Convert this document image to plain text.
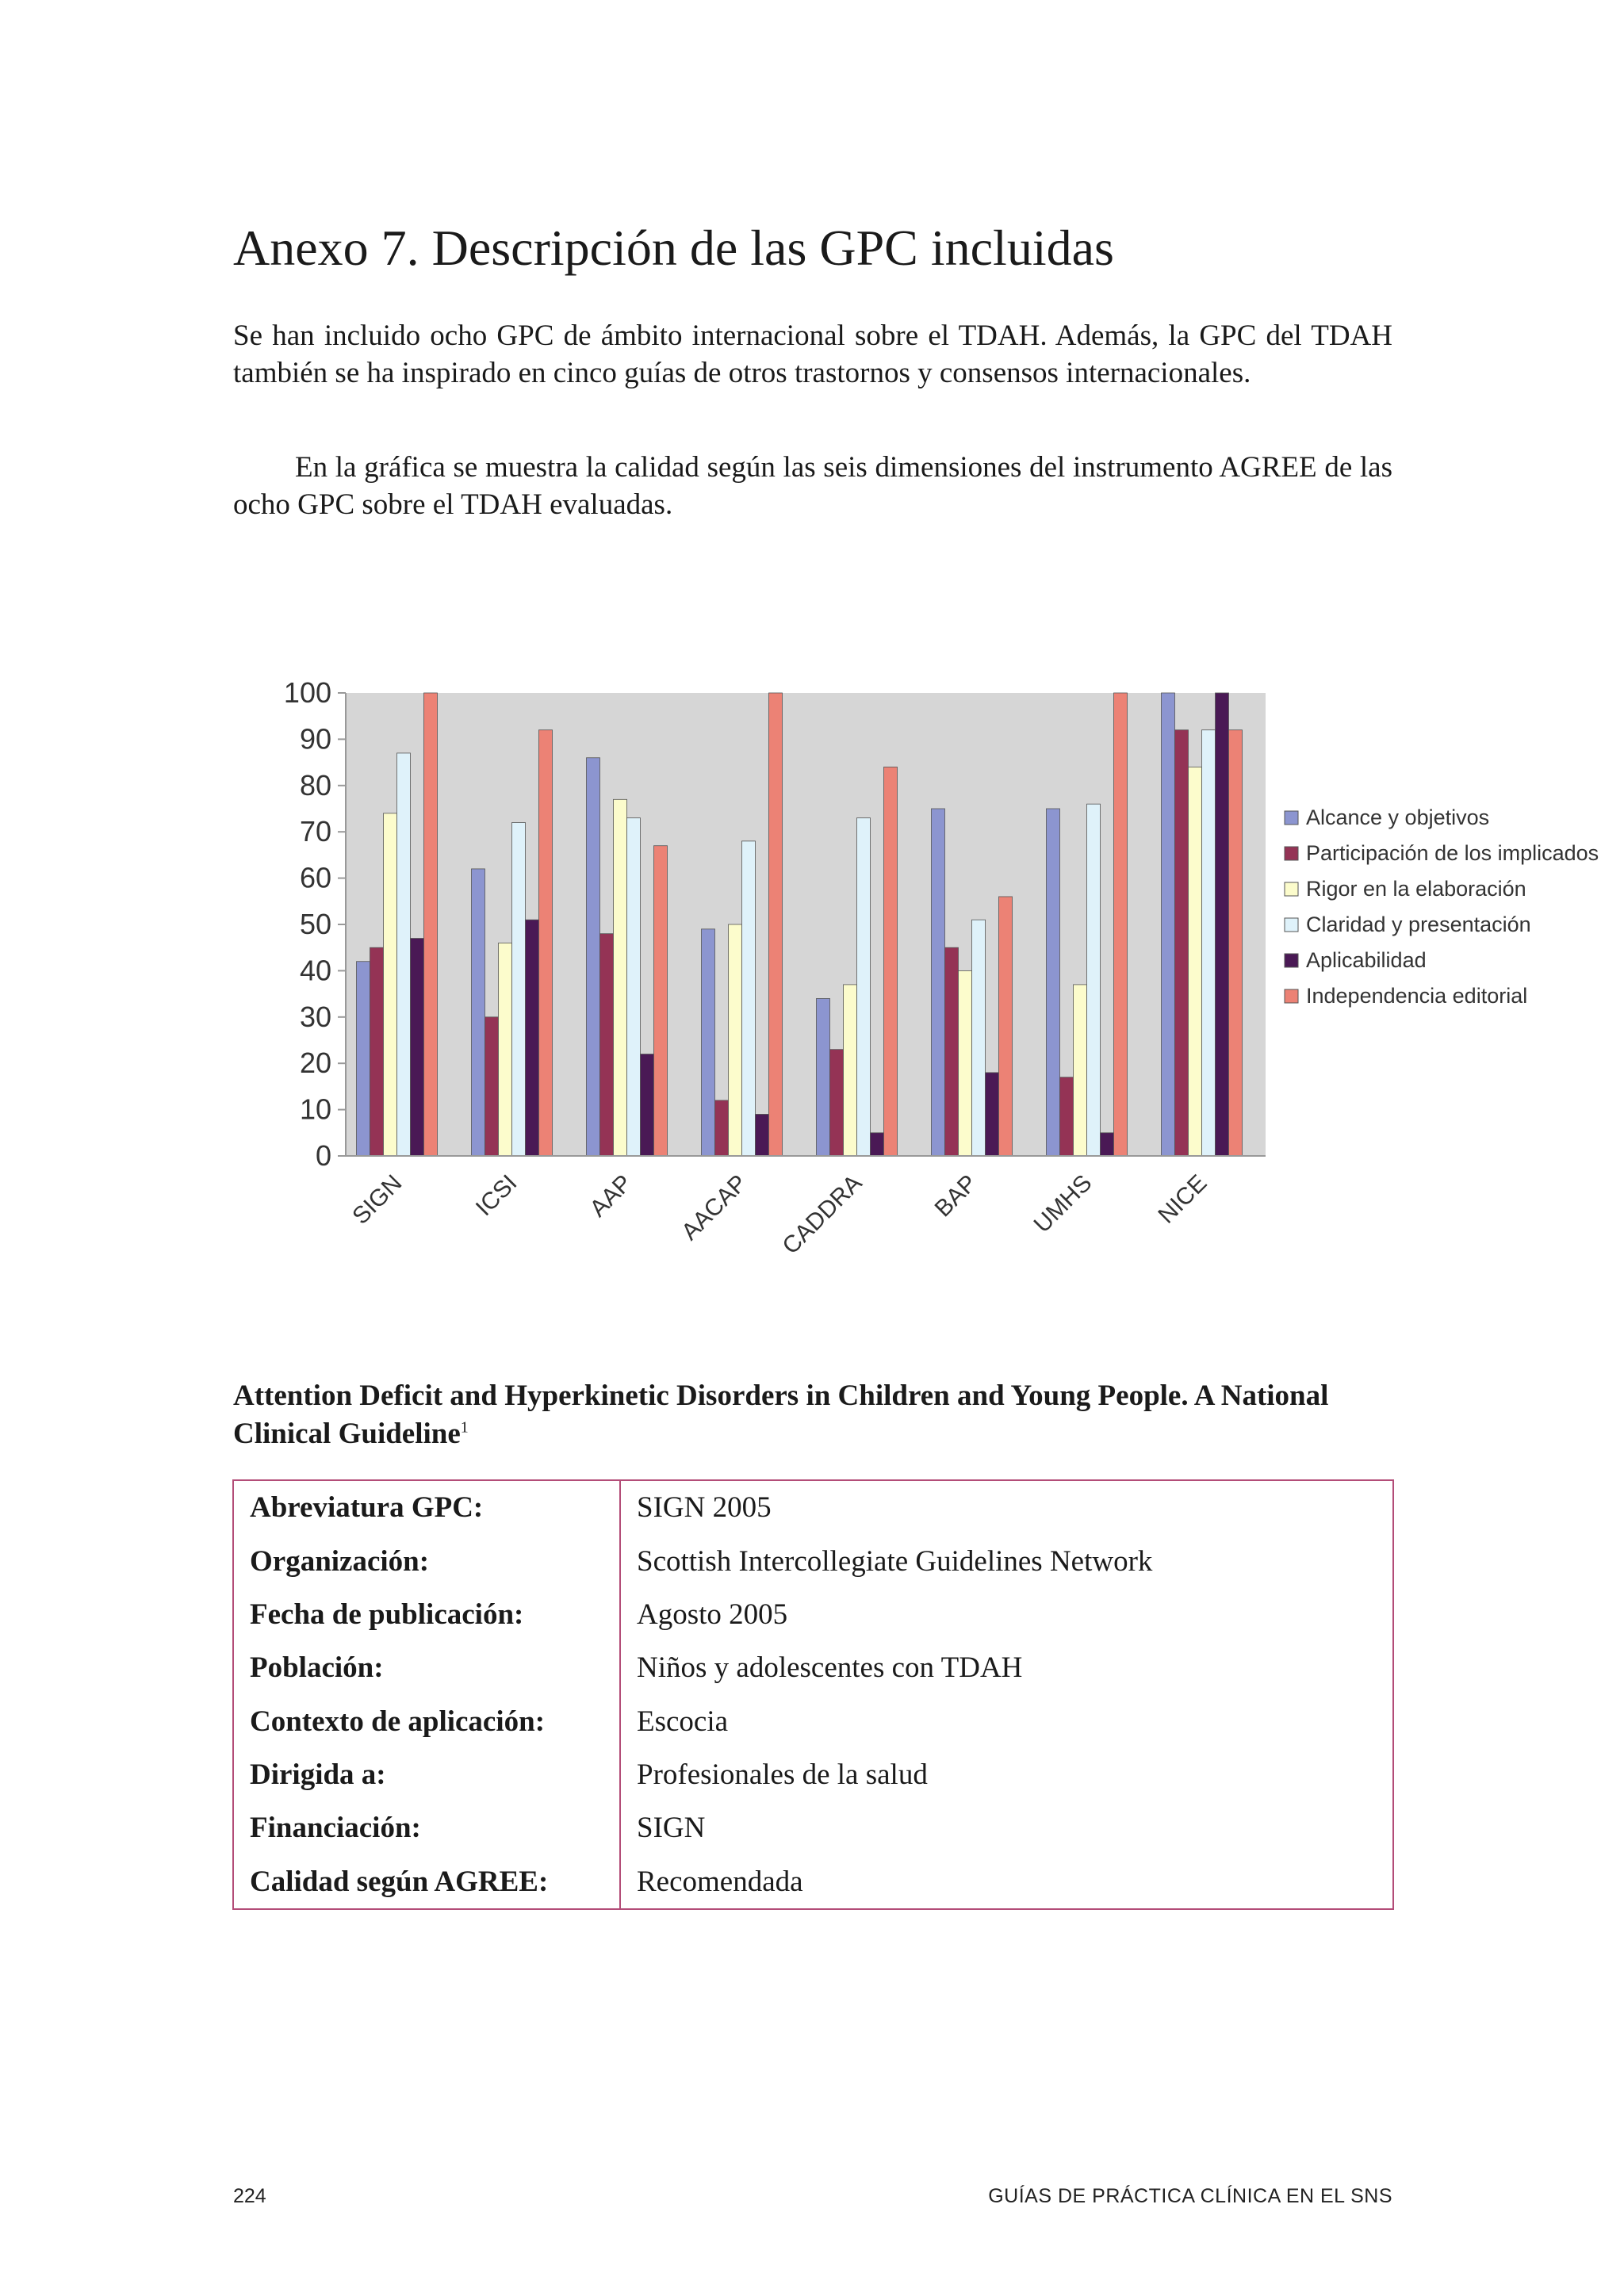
Anexo 7. Descripción de las GPC incluidas

Se han incluido ocho GPC de ámbito internacional sobre el TDAH. Además, la GPC del TDAH también se ha inspirado en cinco guías de otros trastornos y consensos internacionales.

En la gráfica se muestra la calidad según las seis dimensiones del instrumento AGREE de las ocho GPC sobre el TDAH evaluadas.

0
10
20
30
40
50
60
70
80
90
100
SIGN	ICSI	AAP AACAP CADDRA	BAP UMHS NICE
Alcance y objetivos
Participación de los implicados
Rigor en la elaboración
Claridad y presentación
Aplicabilidad
Independencia editorial
Attention Deficit and Hyperkinetic Disorders in Children and Young People. A National Clinical Guideline$^1$
Abreviatura GPC:	SIGN 2005
Organización:	Scottish Intercollegiate Guidelines Network
Fecha de publicación:	Agosto 2005
Población:	Niños y adolescentes con TDAH
Contexto de aplicación:	Escocia
Dirigida a:	Profesionales de la salud
Financiación:	SIGN
Calidad según AGREE:	Recomendada
224	GUÍAS DE PRÁCTICA CLÍNICA EN EL SNS
